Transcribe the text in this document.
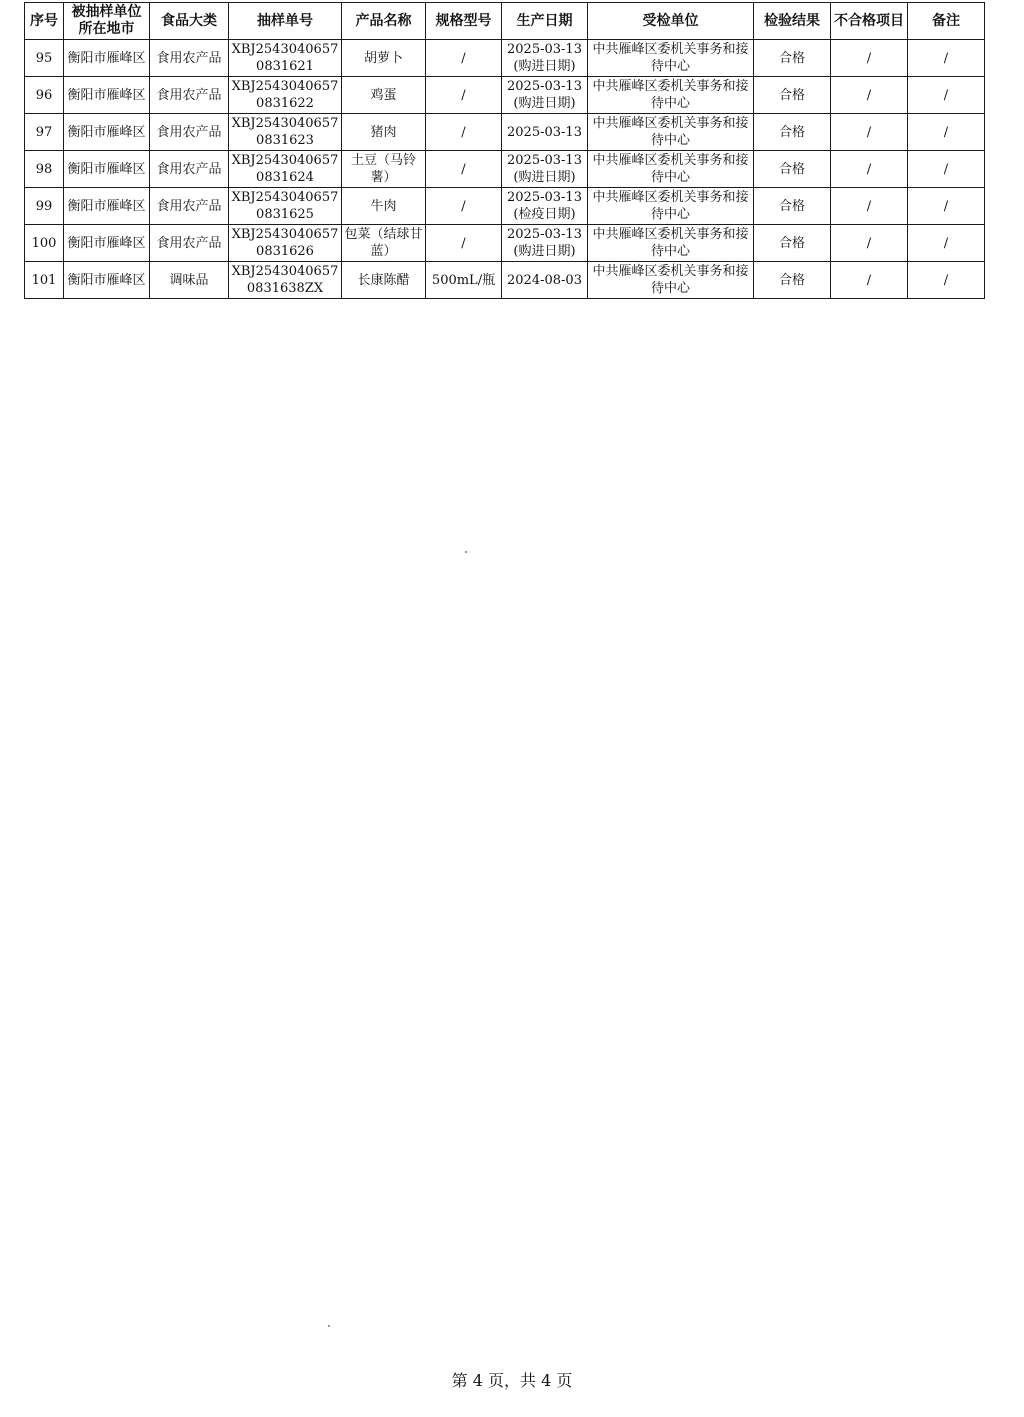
序号	被抽样单位所在地市	食品大类	抽样单号	产品名称	规格型号	生产日期	受检单位	检验结果	不合格项目	备注
95	衡阳市雁峰区	食用农产品	XBJ25430406570831621	胡萝卜	/	2025-03-13(购进日期)	中共雁峰区委机关事务和接待中心	合格	/	/
96	衡阳市雁峰区	食用农产品	XBJ25430406570831622	鸡蛋	/	2025-03-13(购进日期)	中共雁峰区委机关事务和接待中心	合格	/	/
97	衡阳市雁峰区	食用农产品	XBJ25430406570831623	猪肉	/	2025-03-13	中共雁峰区委机关事务和接待中心	合格	/	/
98	衡阳市雁峰区	食用农产品	XBJ25430406570831624	土豆（马铃薯）	/	2025-03-13(购进日期)	中共雁峰区委机关事务和接待中心	合格	/	/
99	衡阳市雁峰区	食用农产品	XBJ25430406570831625	牛肉	/	2025-03-13(检疫日期)	中共雁峰区委机关事务和接待中心	合格	/	/
100	衡阳市雁峰区	食用农产品	XBJ25430406570831626	包菜（结球甘蓝）	/	2025-03-13(购进日期)	中共雁峰区委机关事务和接待中心	合格	/	/
101	衡阳市雁峰区	调味品	XBJ25430406570831638ZX	长康陈醋	500mL/瓶	2024-08-03	中共雁峰区委机关事务和接待中心	合格	/	/
第 4 页，共 4 页
